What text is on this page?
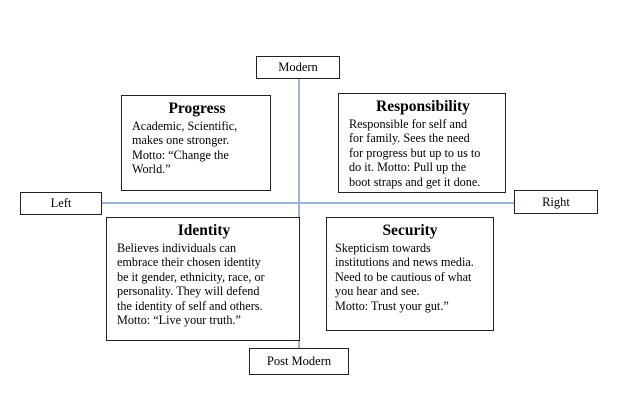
Modern
Post Modern
Left	Right
Progress
Academic, Scientific,
makes one stronger.
Motto: “Change the
World.”
Responsibility
Responsible for self and
for family. Sees the need
for progress but up to us to
do it. Motto: Pull up the
boot straps and get it done.
Identity
Believes individuals can
embrace their chosen identity
be it gender, ethnicity, race, or
personality. They will defend
the identity of self and others.
Motto: “Live your truth.”
Security
Skepticism towards
institutions and news media.
Need to be cautious of what
you hear and see.
Motto: Trust your gut.”
